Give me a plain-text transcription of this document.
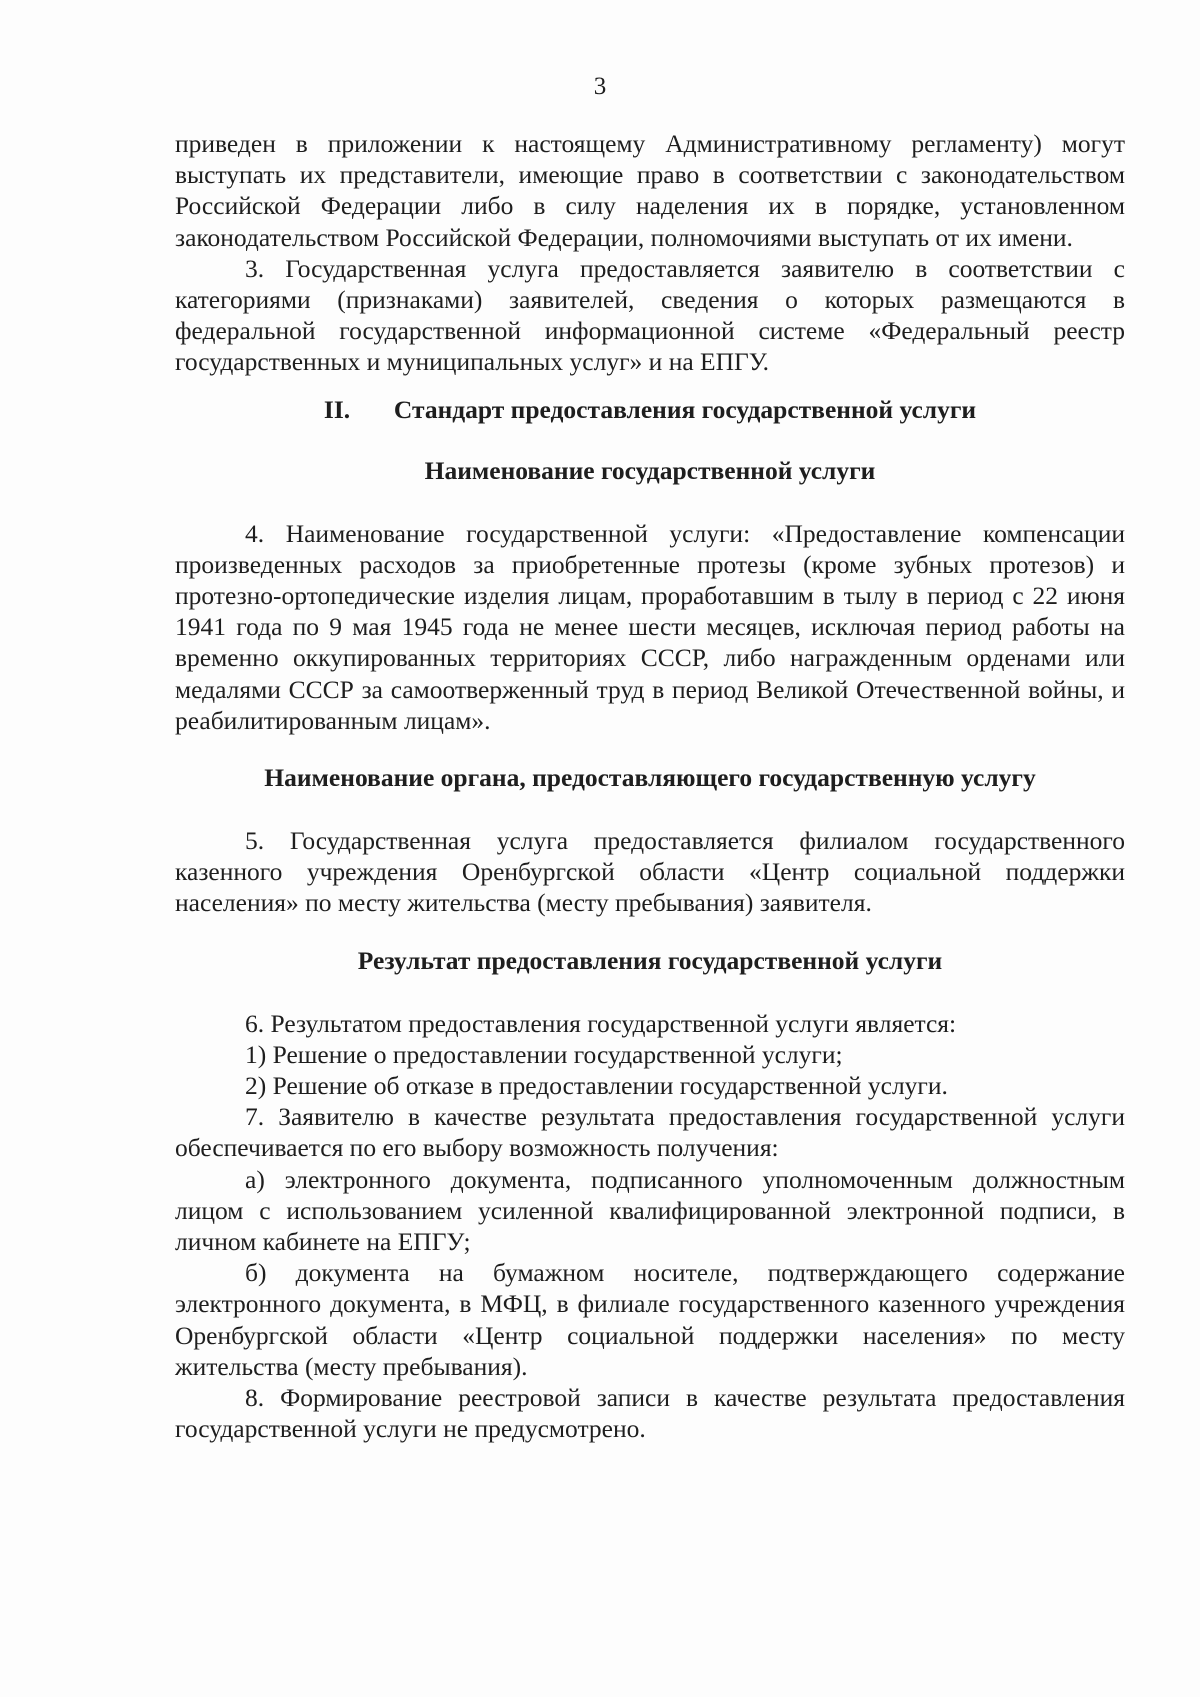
3

приведен в приложении к настоящему Административному регламенту) могут выступать их представители, имеющие право в соответствии с законодательством Российской Федерации либо в силу наделения их в порядке, установленном законодательством Российской Федерации, полномочиями выступать от их имени.

3. Государственная услуга предоставляется заявителю в соответствии с категориями (признаками) заявителей, сведения о которых размещаются в федеральной государственной информационной системе «Федеральный реестр государственных и муниципальных услуг» и на ЕПГУ.

II. Стандарт предоставления государственной услуги

Наименование государственной услуги

4. Наименование государственной услуги: «Предоставление компенсации произведенных расходов за приобретенные протезы (кроме зубных протезов) и протезно-ортопедические изделия лицам, проработавшим в тылу в период с 22 июня 1941 года по 9 мая 1945 года не менее шести месяцев, исключая период работы на временно оккупированных территориях СССР, либо награжденным орденами или медалями СССР за самоотверженный труд в период Великой Отечественной войны, и реабилитированным лицам».

Наименование органа, предоставляющего государственную услугу

5. Государственная услуга предоставляется филиалом государственного казенного учреждения Оренбургской области «Центр социальной поддержки населения» по месту жительства (месту пребывания) заявителя.

Результат предоставления государственной услуги

6. Результатом предоставления государственной услуги является:

1) Решение о предоставлении государственной услуги;

2) Решение об отказе в предоставлении государственной услуги.

7. Заявителю в качестве результата предоставления государственной услуги обеспечивается по его выбору возможность получения:

а) электронного документа, подписанного уполномоченным должностным лицом с использованием усиленной квалифицированной электронной подписи, в личном кабинете на ЕПГУ;

б) документа на бумажном носителе, подтверждающего содержание электронного документа, в МФЦ, в филиале государственного казенного учреждения Оренбургской области «Центр социальной поддержки населения» по месту жительства (месту пребывания).

8. Формирование реестровой записи в качестве результата предоставления государственной услуги не предусмотрено.
